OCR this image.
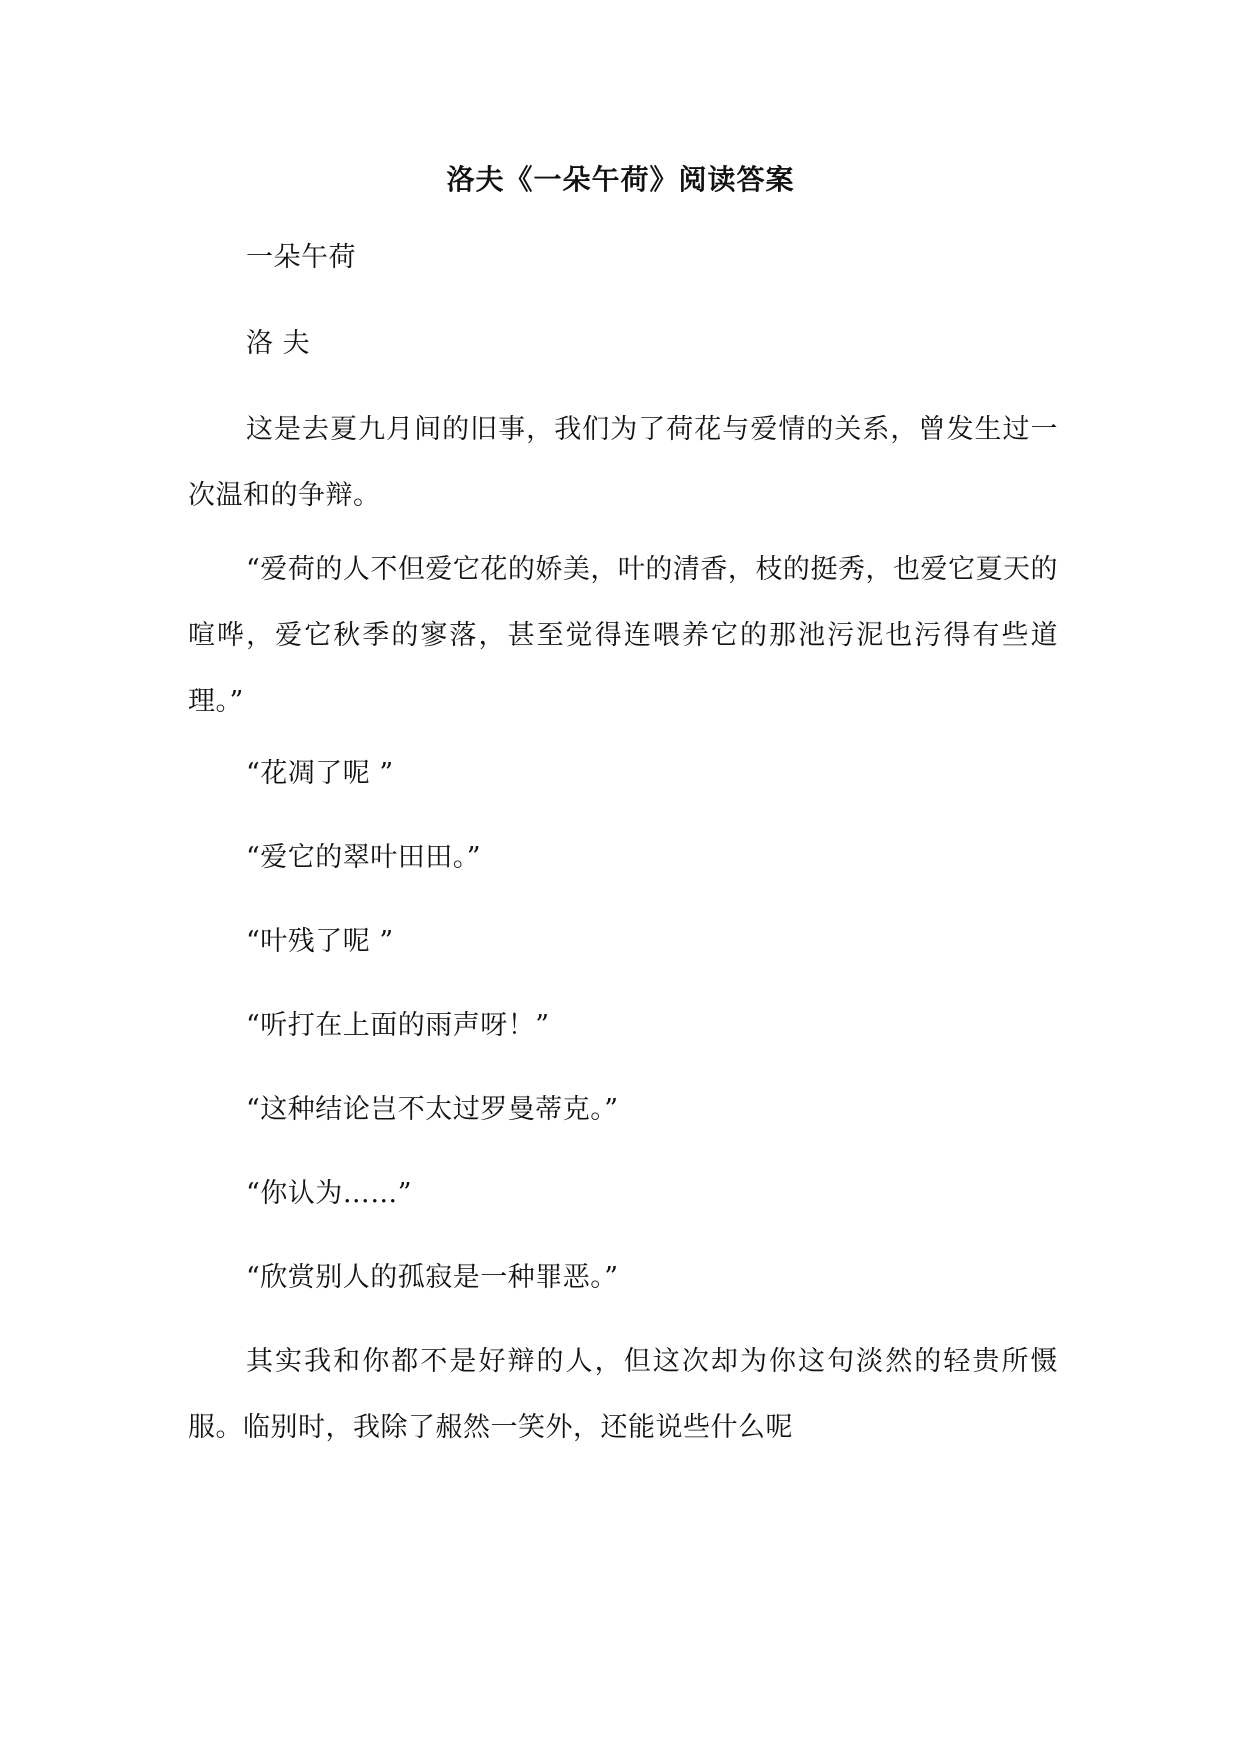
洛夫《一朵午荷》阅读答案

一朵午荷

洛 夫

这是去夏九月间的旧事，我们为了荷花与爱情的关系，曾发生过一次温和的争辩。

“爱荷的人不但爱它花的娇美，叶的清香，枝的挺秀，也爱它夏天的喧哗，爱它秋季的寥落，甚至觉得连喂养它的那池污泥也污得有些道理。”

“花凋了呢 ”

“爱它的翠叶田田。”

“叶残了呢 ”

“听打在上面的雨声呀！”

“这种结论岂不太过罗曼蒂克。”

“你认为……”

“欣赏别人的孤寂是一种罪恶。”

其实我和你都不是好辩的人，但这次却为你这句淡然的轻贵所慑服。临别时，我除了赧然一笑外，还能说些什么呢
